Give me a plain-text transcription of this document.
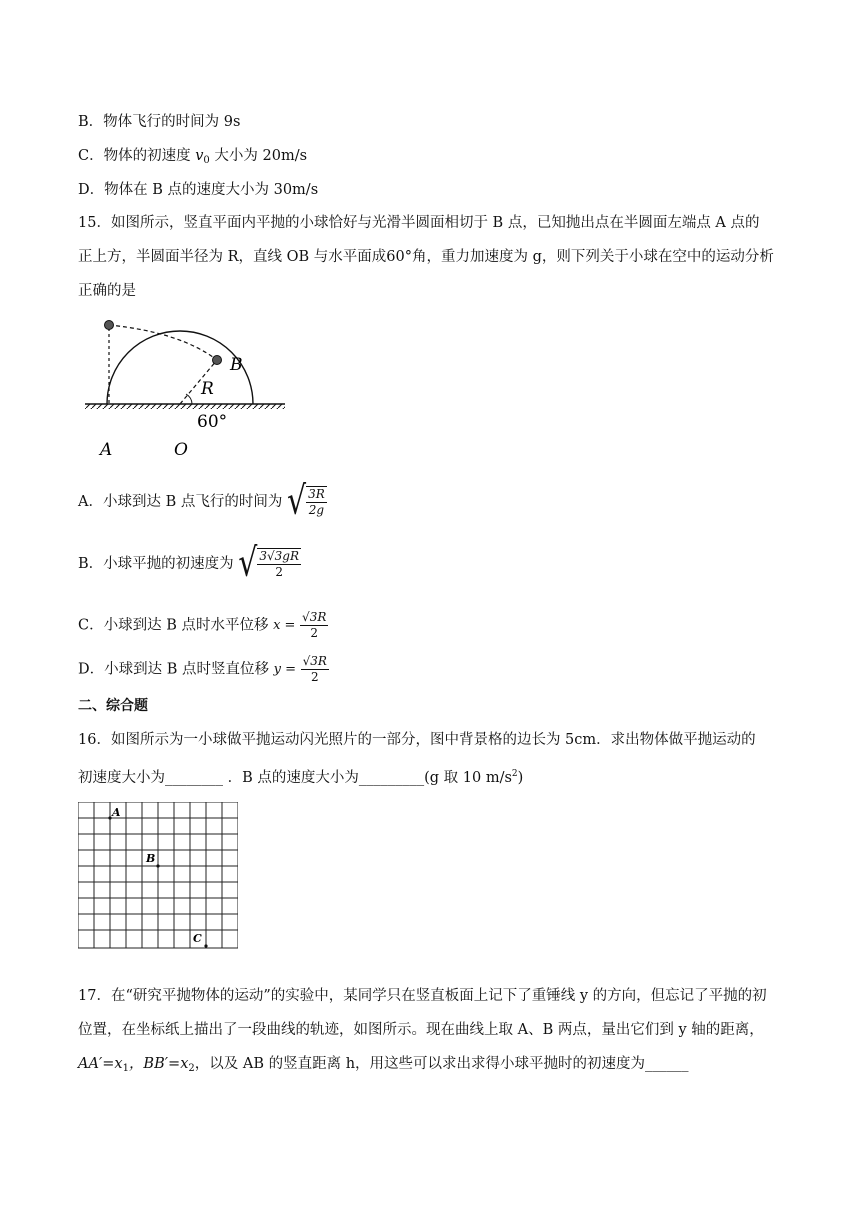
B．物体飞行的时间为 9s
C．物体的初速度 $v_0$ 大小为 20m/s
D．物体在 B 点的速度大小为 30m/s
15．如图所示，竖直平面内平抛的小球恰好与光滑半圆面相切于 B 点，已知抛出点在半圆面左端点 A 点的
正上方，半圆面半径为 R，直线 OB 与水平面成60°角，重力加速度为 g，则下列关于小球在空中的运动分析
正确的是
B
R
60°
A	O
A．小球到达 B 点飞行的时间为 √ $\frac{3R}{2g}$
B．小球平抛的初速度为 √ $\frac{3√3gR}{2}$
C．小球到达 B 点时水平位移 $x = \frac{√3R}{2}$
D．小球到达 B 点时竖直位移 $y = \frac{√3R}{2}$
二、综合题
16．如图所示为一小球做平抛运动闪光照片的一部分，图中背景格的边长为 5cm．求出物体做平抛运动的
初速度大小为________ ．B 点的速度大小为_________(g 取 10 $m/s^2$)
A
B
C
17．在“研究平抛物体的运动”的实验中，某同学只在竖直板面上记下了重锤线 y 的方向，但忘记了平抛的初
位置，在坐标纸上描出了一段曲线的轨迹，如图所示。现在曲线上取 A、B 两点，量出它们到 y 轴的距离，
$AA'=x_1$，$BB'=x_2$，以及 AB 的竖直距离 h，用这些可以求出求得小球平抛时的初速度为______
